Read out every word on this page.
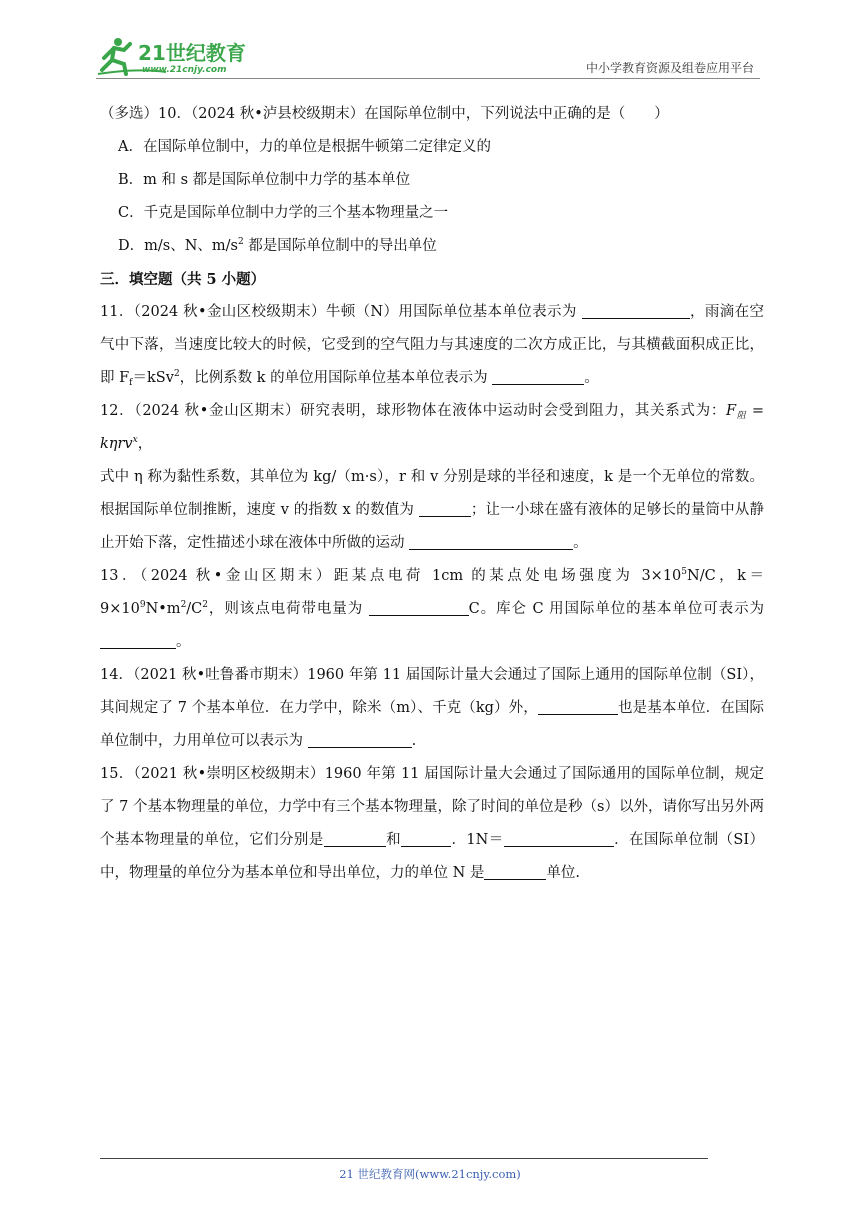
21世纪教育
www.21cnjy.com	中小学教育资源及组卷应用平台
（多选）10．（2024 秋•泸县校级期末）在国际单位制中，下列说法中正确的是（　　）
A．在国际单位制中，力的单位是根据牛顿第二定律定义的
B．m 和 s 都是国际单位制中力学的基本单位
C．千克是国际单位制中力学的三个基本物理量之一
D．m/s、N、$m/s^2$ 都是国际单位制中的导出单位
三．填空题（共 5 小题）
11．（2024 秋•金山区校级期末）牛顿（N）用国际单位基本单位表示为	，雨滴在空气中下落，当速度比较大的时候，它受到的空气阻力与其速度的二次方成正比，与其横截面积成正比，即 $F_f=kSv^2$，比例系数 k 的单位用国际单位基本单位表示为	。
12．（2024 秋•金山区期末）研究表明，球形物体在液体中运动时会受到阻力，其关系式为：$F_阻 = k\eta rv^x$，
式中 η 称为黏性系数，其单位为 kg/（m·s），r 和 v 分别是球的半径和速度，k 是一个无单位的常数。根据国际单位制推断，速度 v 的指数 x 的数值为	；让一小球在盛有液体的足够长的量筒中从静止开始下落，定性描述小球在液体中所做的运动	。
13．（2024 秋•金山区期末）距某点电荷 1cm 的某点处电场强度为 $3\times 10^5N/C$，$k=9\times 10^9N•m^2/C^2$，则该点电荷带电量为	C。库仑 C 用国际单位的基本单位可表示为 。
14．（2021 秋•吐鲁番市期末）1960 年第 11 届国际计量大会通过了国际上通用的国际单位制（SI），其间规定了 7 个基本单位．在力学中，除米（m）、千克（kg）外，	也是基本单位．在国际单位制中，力用单位可以表示为	.
15．（2021 秋•崇明区校级期末）1960 年第 11 届国际计量大会通过了国际通用的国际单位制，规定了 7 个基本物理量的单位，力学中有三个基本物理量，除了时间的单位是秒（s）以外，请你写出另外两个基本物理量的单位，它们分别是	和	．1N＝	．在国际单位制（SI）中，物理量的单位分为基本单位和导出单位，力的单位 N 是	单位.
21 世纪教育网(www.21cnjy.com)
